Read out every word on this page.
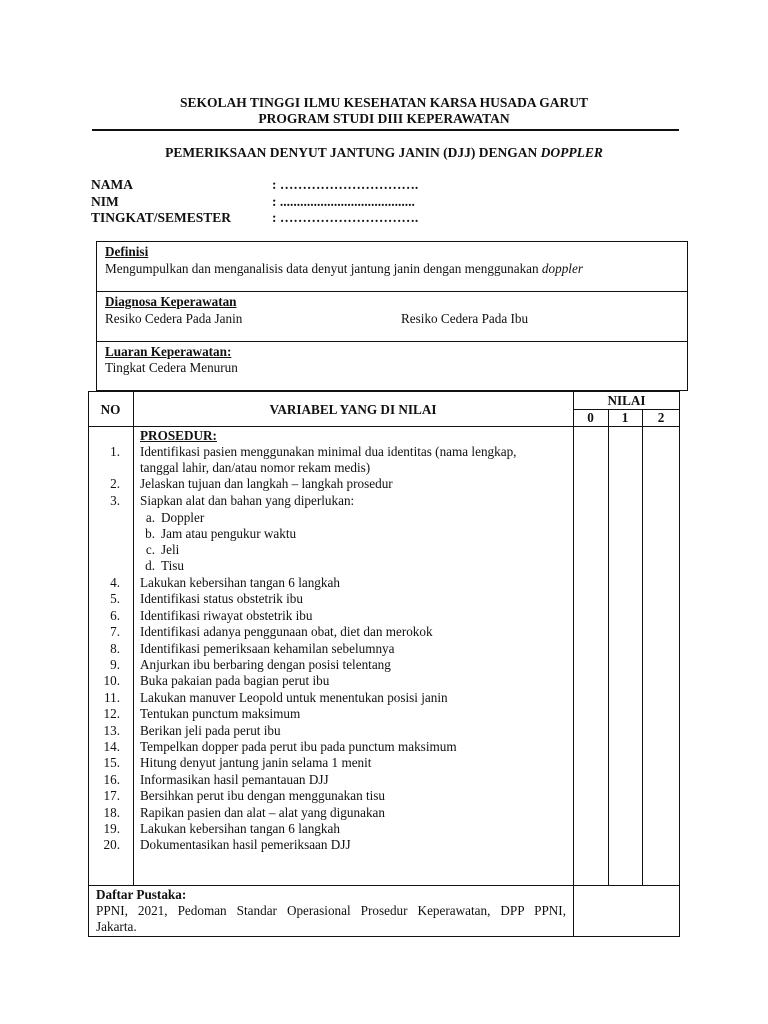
SEKOLAH TINGGI ILMU KESEHATAN KARSA HUSADA GARUT
PROGRAM STUDI DIII KEPERAWATAN
PEMERIKSAAN DENYUT JANTUNG JANIN (DJJ) DENGAN DOPPLER
NAMA	: ………………………….
NIM	: ........................................
TINGKAT/SEMESTER	: ………………………….
Definisi
Mengumpulkan dan menganalisis data denyut jantung janin dengan menggunakan doppler
Diagnosa Keperawatan
Resiko Cedera Pada Janin	Resiko Cedera Pada Ibu
Luaran Keperawatan:
Tingkat Cedera Menurun
NO	VARIABEL YANG DI NILAI
NILAI
0	1	2
PROSEDUR:
1. Identifikasi pasien menggunakan minimal dua identitas (nama lengkap,
tanggal lahir, dan/atau nomor rekam medis)
2. Jelaskan tujuan dan langkah – langkah prosedur
3. Siapkan alat dan bahan yang diperlukan:
a. Doppler
b. Jam atau pengukur waktu
c. Jeli
d. Tisu
4. Lakukan kebersihan tangan 6 langkah
5. Identifikasi status obstetrik ibu
6. Identifikasi riwayat obstetrik ibu
7. Identifikasi adanya penggunaan obat, diet dan merokok
8. Identifikasi pemeriksaan kehamilan sebelumnya
9. Anjurkan ibu berbaring dengan posisi telentang
10. Buka pakaian pada bagian perut ibu
11. Lakukan manuver Leopold untuk menentukan posisi janin
12. Tentukan punctum maksimum
13. Berikan jeli pada perut ibu
14. Tempelkan dopper pada perut ibu pada punctum maksimum
15. Hitung denyut jantung janin selama 1 menit
16. Informasikan hasil pemantauan DJJ
17. Bersihkan perut ibu dengan menggunakan tisu
18. Rapikan pasien dan alat – alat yang digunakan
19. Lakukan kebersihan tangan 6 langkah
20. Dokumentasikan hasil pemeriksaan DJJ
Daftar Pustaka:
PPNI, 2021, Pedoman Standar Operasional Prosedur Keperawatan, DPP PPNI,
Jakarta.
